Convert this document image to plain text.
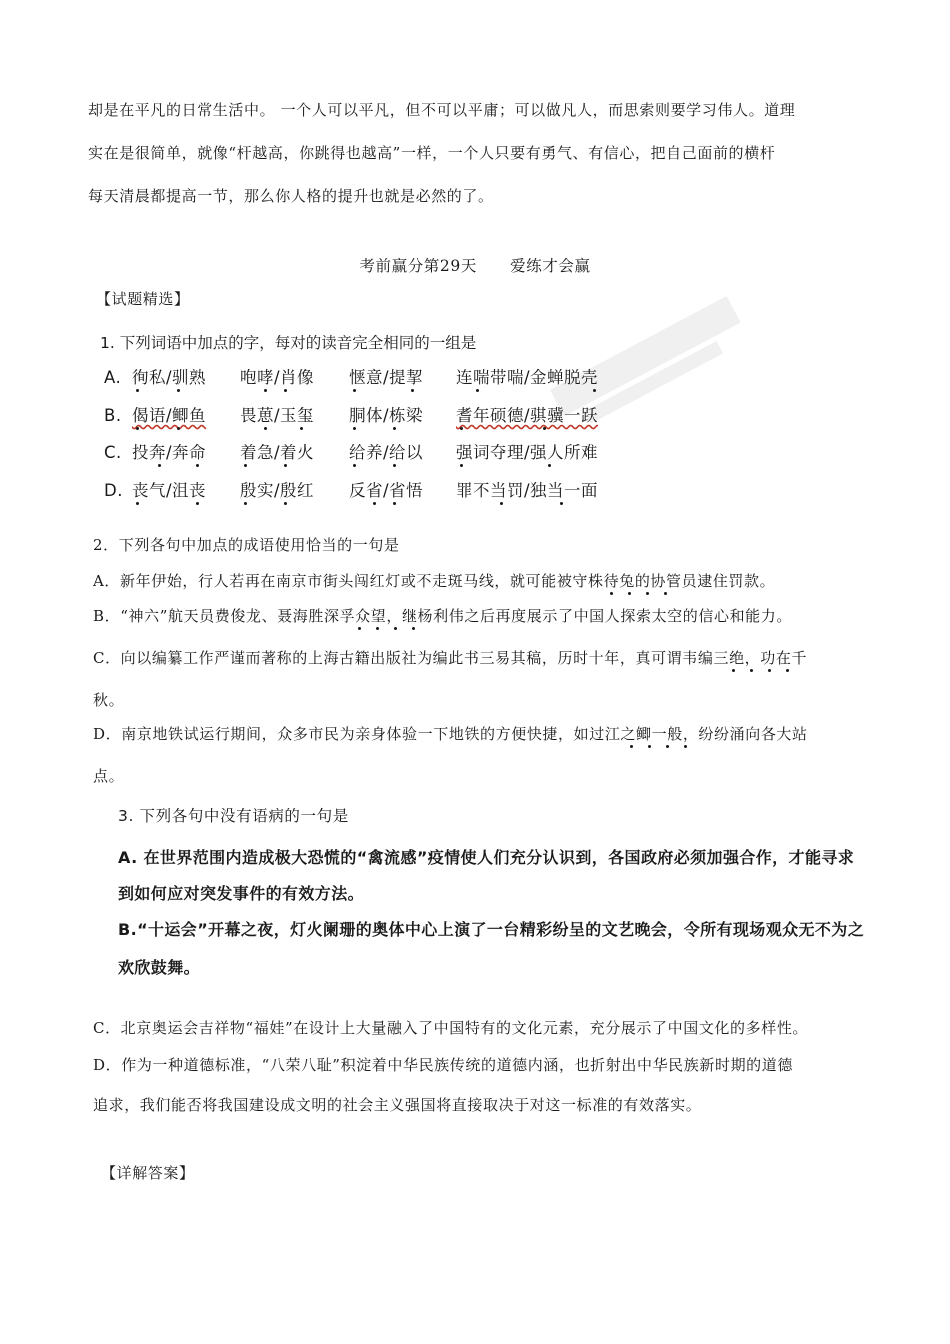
却是在平凡的日常生活中。 一个人可以平凡，但不可以平庸；可以做凡人，而思索则要学习伟人。道理
实在是很简单，就像“杆越高，你跳得也越高”一样，一个人只要有勇气、有信心，把自己面前的横杆
每天清晨都提高一节，那么你人格的提升也就是必然的了。
考前赢分第29天      爱练才会赢
【试题精选】
1. 下列词语中加点的字，每对的读音完全相同的一组是
A. 徇私/驯熟 咆哮/肖像 惬意/提挈 连喘带喘/金蝉脱壳
B. 偈语/鲫鱼 畏葸/玉玺 胴体/栋梁 耆年硕德/骐骥一跃
C. 投奔/奔命 着急/着火 给养/给以 强词夺理/强人所难
D. 丧气/沮丧 殷实/殷红 反省/省悟 罪不当罚/独当一面
2．下列各句中加点的成语使用恰当的一句是
A．新年伊始，行人若再在南京市街头闯红灯或不走斑马线，就可能被守株待兔的协管员逮住罚款。
B．“神六”航天员费俊龙、聂海胜深孚众望，继杨利伟之后再度展示了中国人探索太空的信心和能力。
C．向以编纂工作严谨而著称的上海古籍出版社为编此书三易其稿，历时十年，真可谓韦编三绝，功在千
秋。
D．南京地铁试运行期间，众多市民为亲身体验一下地铁的方便快捷，如过江之鲫一般，纷纷涌向各大站
点。
3. 下列各句中没有语病的一句是
A. 在世界范围内造成极大恐慌的“禽流感”疫情使人们充分认识到，各国政府必须加强合作，才能寻求
到如何应对突发事件的有效方法。
B.“十运会”开幕之夜，灯火阑珊的奥体中心上演了一台精彩纷呈的文艺晚会，令所有现场观众无不为之
欢欣鼓舞。
C．北京奥运会吉祥物“福娃”在设计上大量融入了中国特有的文化元素，充分展示了中国文化的多样性。
D．作为一种道德标准，“八荣八耻”积淀着中华民族传统的道德内涵，也折射出中华民族新时期的道德
追求，我们能否将我国建设成文明的社会主义强国将直接取决于对这一标准的有效落实。
【详解答案】
